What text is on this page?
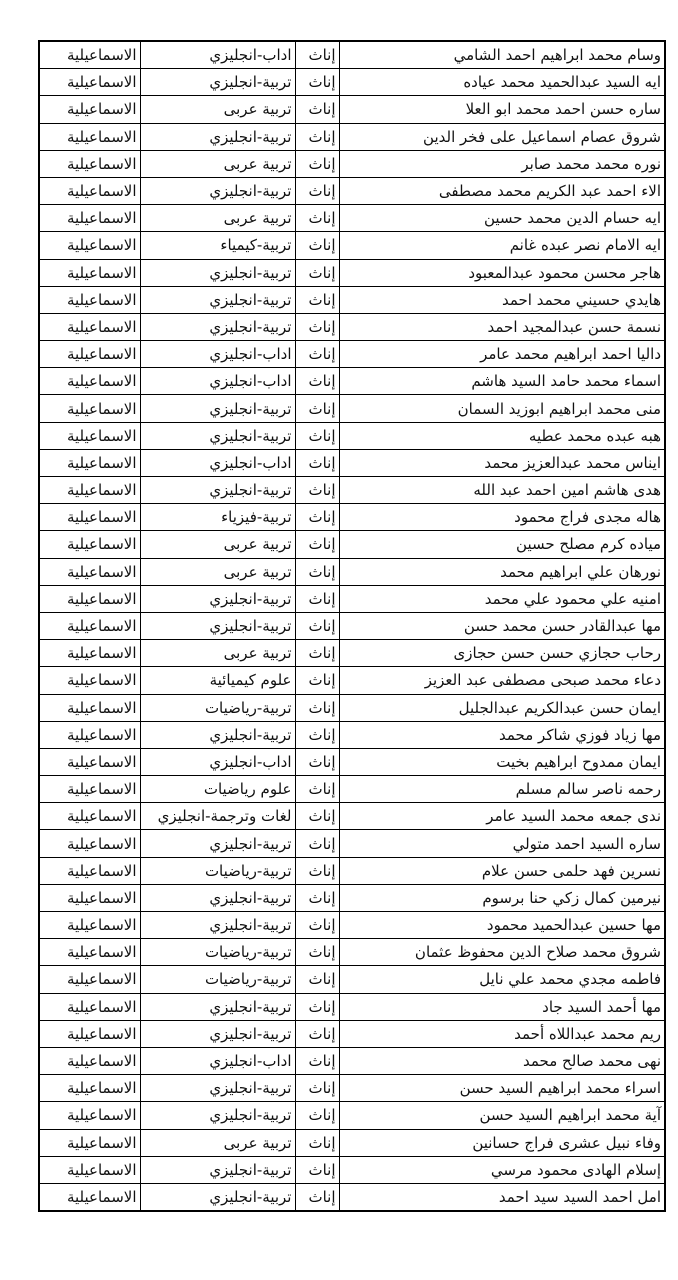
وسام محمد ابراهيم احمد الشامي	إناث	اداب-انجليزي	الاسماعيلية
ايه السيد عبدالحميد محمد عياده	إناث	تربية-انجليزي	الاسماعيلية
ساره حسن احمد محمد ابو العلا	إناث	تربية عربى	الاسماعيلية
شروق عصام اسماعيل على فخر الدين	إناث	تربية-انجليزي	الاسماعيلية
نوره محمد محمد صابر	إناث	تربية عربى	الاسماعيلية
الاء احمد عبد الكريم محمد مصطفى	إناث	تربية-انجليزي	الاسماعيلية
ايه حسام الدين محمد حسين	إناث	تربية عربى	الاسماعيلية
ايه الامام نصر عبده غانم	إناث	تربية-كيمياء	الاسماعيلية
هاجر محسن محمود عبدالمعبود	إناث	تربية-انجليزي	الاسماعيلية
هايدي حسيني محمد احمد	إناث	تربية-انجليزي	الاسماعيلية
نسمة حسن عبدالمجيد احمد	إناث	تربية-انجليزي	الاسماعيلية
داليا احمد ابراهيم محمد عامر	إناث	اداب-انجليزي	الاسماعيلية
اسماء محمد حامد السيد هاشم	إناث	اداب-انجليزي	الاسماعيلية
منى محمد ابراهيم ابوزيد السمان	إناث	تربية-انجليزي	الاسماعيلية
هبه عبده محمد عطيه	إناث	تربية-انجليزي	الاسماعيلية
ايناس محمد عبدالعزيز محمد	إناث	اداب-انجليزي	الاسماعيلية
هدى هاشم امين احمد عبد الله	إناث	تربية-انجليزي	الاسماعيلية
هاله مجدى فراج محمود	إناث	تربية-فيزياء	الاسماعيلية
مياده كرم مصلح حسين	إناث	تربية عربى	الاسماعيلية
نورهان علي ابراهيم محمد	إناث	تربية عربى	الاسماعيلية
امنيه علي محمود علي محمد	إناث	تربية-انجليزي	الاسماعيلية
مها عبدالقادر حسن محمد حسن	إناث	تربية-انجليزي	الاسماعيلية
رحاب حجازي حسن حسن حجازى	إناث	تربية عربى	الاسماعيلية
دعاء محمد صبحى مصطفى عبد العزيز	إناث	علوم كيميائية	الاسماعيلية
ايمان حسن عبدالكريم عبدالجليل	إناث	تربية-رياضيات	الاسماعيلية
مها زياد فوزي شاكر محمد	إناث	تربية-انجليزي	الاسماعيلية
ايمان ممدوح ابراهيم بخيت	إناث	اداب-انجليزي	الاسماعيلية
رحمه ناصر سالم مسلم	إناث	علوم رياضيات	الاسماعيلية
ندى جمعه محمد السيد عامر	إناث	لغات وترجمة-انجليزي	الاسماعيلية
ساره السيد احمد متولي	إناث	تربية-انجليزي	الاسماعيلية
نسرين فهد حلمى حسن علام	إناث	تربية-رياضيات	الاسماعيلية
نيرمين كمال زكي حنا برسوم	إناث	تربية-انجليزي	الاسماعيلية
مها حسين عبدالحميد محمود	إناث	تربية-انجليزي	الاسماعيلية
شروق محمد صلاح الدين محفوظ عثمان	إناث	تربية-رياضيات	الاسماعيلية
فاطمه مجدي محمد علي نايل	إناث	تربية-رياضيات	الاسماعيلية
مها أحمد السيد جاد	إناث	تربية-انجليزي	الاسماعيلية
ريم محمد عبداللاه أحمد	إناث	تربية-انجليزي	الاسماعيلية
نهى محمد صالح محمد	إناث	اداب-انجليزي	الاسماعيلية
اسراء محمد ابراهيم السيد حسن	إناث	تربية-انجليزي	الاسماعيلية
آية محمد ابراهيم السيد حسن	إناث	تربية-انجليزي	الاسماعيلية
وفاء نبيل عشرى فراج حسانين	إناث	تربية عربى	الاسماعيلية
إسلام الهادى محمود مرسي	إناث	تربية-انجليزي	الاسماعيلية
امل احمد السيد سيد احمد	إناث	تربية-انجليزي	الاسماعيلية
